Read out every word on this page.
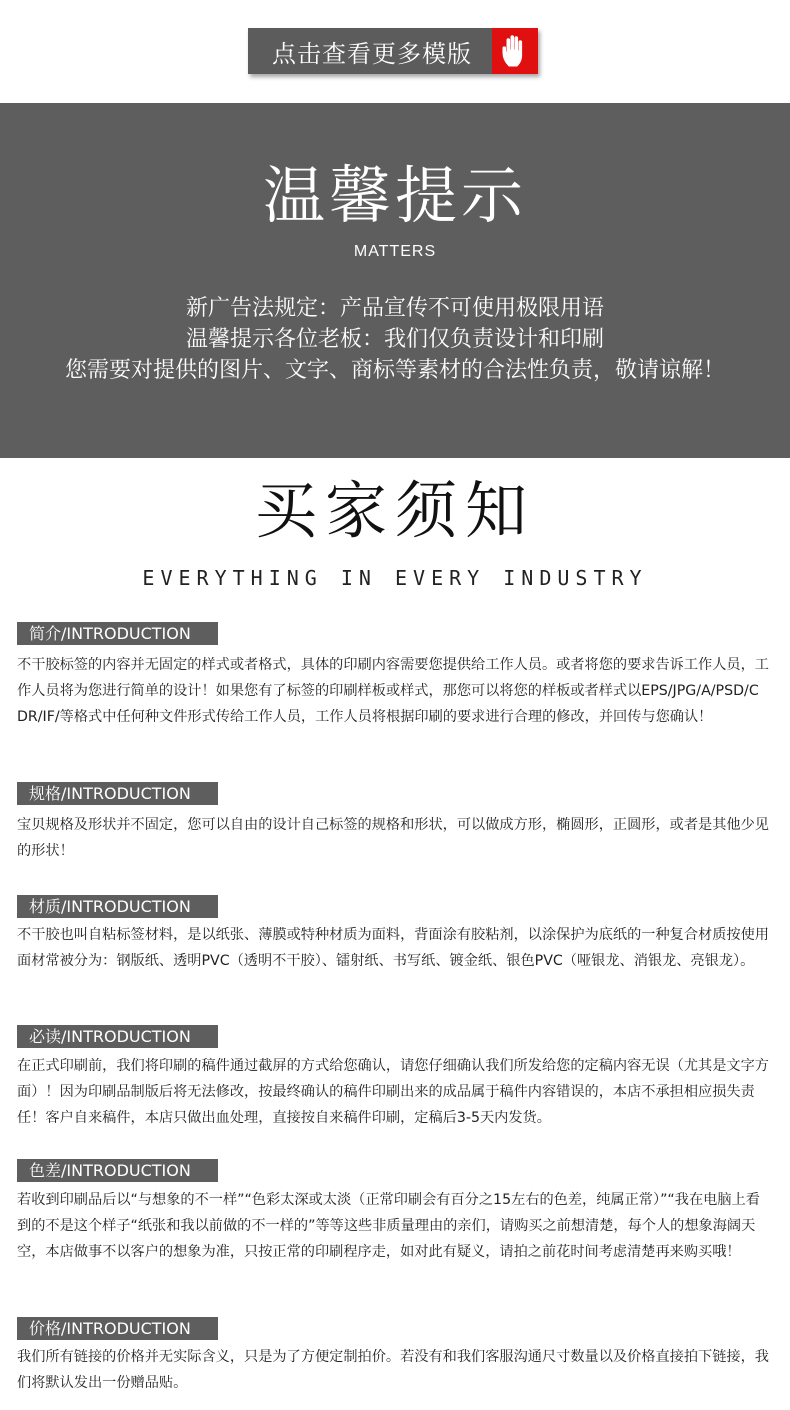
点击查看更多模版
温馨提示
MATTERS
新广告法规定：产品宣传不可使用极限用语
温馨提示各位老板：我们仅负责设计和印刷
您需要对提供的图片、文字、商标等素材的合法性负责，敬请谅解！
买家须知
EVERYTHING IN EVERY INDUSTRY
简介/INTRODUCTION
不干胶标签的内容并无固定的样式或者格式，具体的印刷内容需要您提供给工作人员。或者将您的要求告诉工作人员，工作人员将为您进行简单的设计！如果您有了标签的印刷样板或样式，那您可以将您的样板或者样式以EPS/JPG/A/PSD/CDR/IF/等格式中任何种文件形式传给工作人员，工作人员将根据印刷的要求进行合理的修改，并回传与您确认！
规格/INTRODUCTION
宝贝规格及形状并不固定，您可以自由的设计自己标签的规格和形状，可以做成方形，椭圆形，正圆形，或者是其他少见的形状！
材质/INTRODUCTION
不干胶也叫自粘标签材料，是以纸张、薄膜或特种材质为面料，背面涂有胶粘剂，以涂保护为底纸的一种复合材质按使用面材常被分为：钢版纸、透明PVC（透明不干胶）、镭射纸、书写纸、镀金纸、银色PVC（哑银龙、消银龙、亮银龙）。
必读/INTRODUCTION
在正式印刷前，我们将印刷的稿件通过截屏的方式给您确认，请您仔细确认我们所发给您的定稿内容无误（尤其是文字方面）！因为印刷品制版后将无法修改，按最终确认的稿件印刷出来的成品属于稿件内容错误的，本店不承担相应损失责任！客户自来稿件，本店只做出血处理，直接按自来稿件印刷，定稿后3-5天内发货。
色差/INTRODUCTION
若收到印刷品后以“与想象的不一样”“色彩太深或太淡（正常印刷会有百分之15左右的色差，纯属正常）”“我在电脑上看到的不是这个样子“纸张和我以前做的不一样的”等等这些非质量理由的亲们，请购买之前想清楚，每个人的想象海阔天空，本店做事不以客户的想象为准，只按正常的印刷程序走，如对此有疑义，请拍之前花时间考虑清楚再来购买哦！
价格/INTRODUCTION
我们所有链接的价格并无实际含义，只是为了方便定制拍价。若没有和我们客服沟通尺寸数量以及价格直接拍下链接，我们将默认发出一份赠品贴。
